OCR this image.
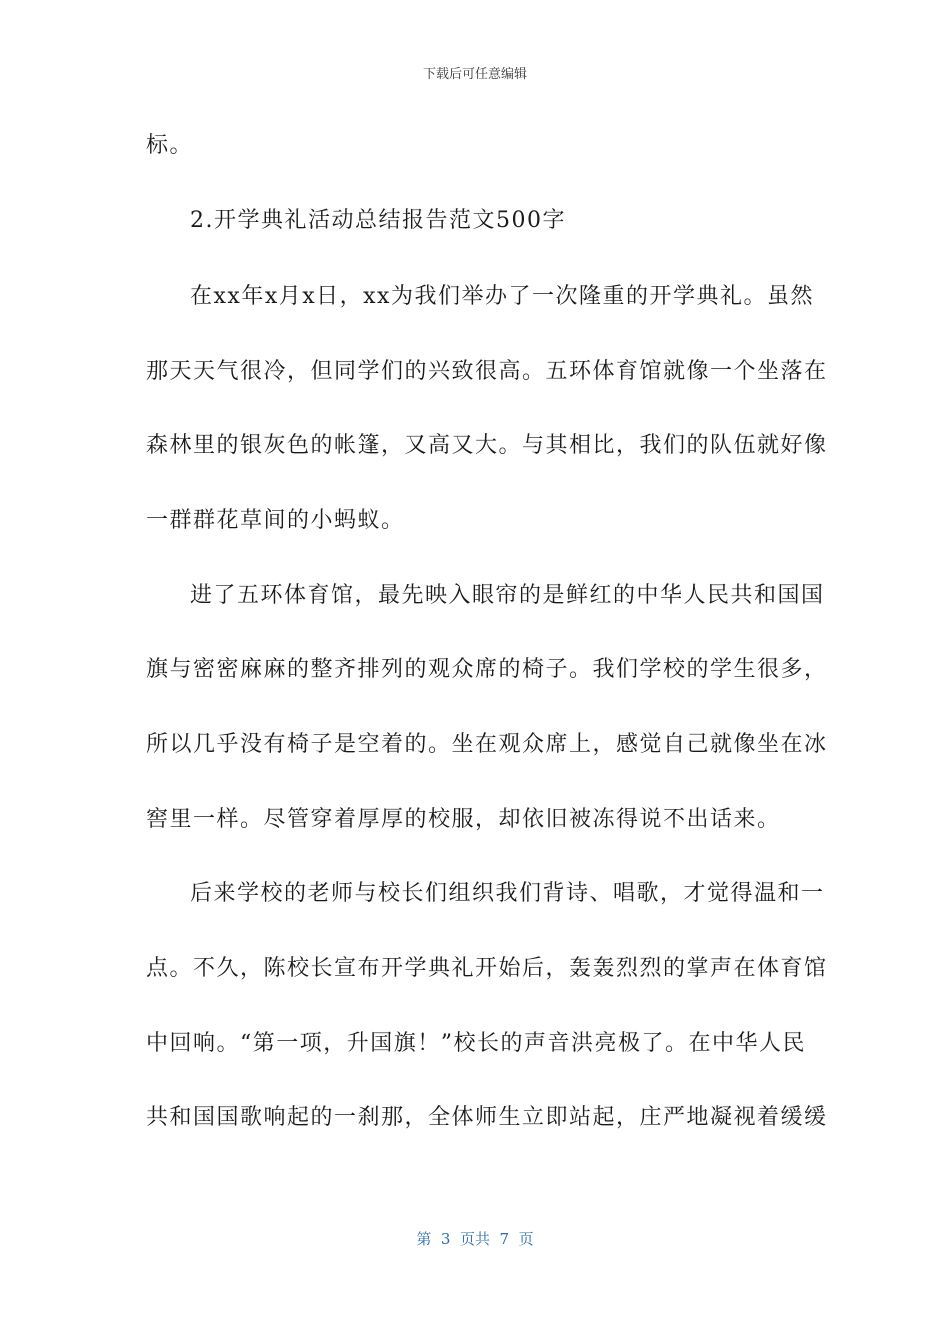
下载后可任意编辑
标。
2.开学典礼活动总结报告范文500字
在xx年x月x日，xx为我们举办了一次隆重的开学典礼。虽然
那天天气很冷，但同学们的兴致很高。五环体育馆就像一个坐落在
森林里的银灰色的帐篷，又高又大。与其相比，我们的队伍就好像
一群群花草间的小蚂蚁。
进了五环体育馆，最先映入眼帘的是鲜红的中华人民共和国国
旗与密密麻麻的整齐排列的观众席的椅子。我们学校的学生很多，
所以几乎没有椅子是空着的。坐在观众席上，感觉自己就像坐在冰
窖里一样。尽管穿着厚厚的校服，却依旧被冻得说不出话来。
后来学校的老师与校长们组织我们背诗、唱歌，才觉得温和一
点。不久，陈校长宣布开学典礼开始后，轰轰烈烈的掌声在体育馆
中回响。“第一项，升国旗！”校长的声音洪亮极了。在中华人民
共和国国歌响起的一刹那，全体师生立即站起，庄严地凝视着缓缓
第  3  页共  7  页
